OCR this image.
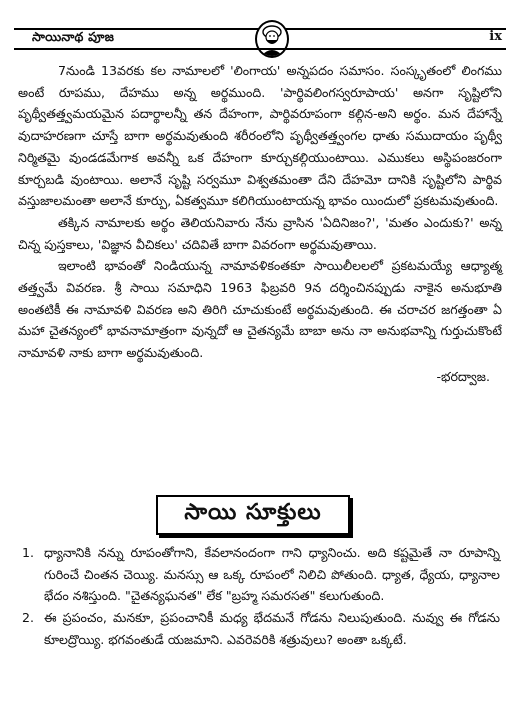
సాయినాథ పూజ	ix

7నుండి 13వరకు కల నామాలలో 'లింగాయ' అన్నపదం సమాసం. సంస్కృతంలో లింగము అంటే రూపము, దేహము అన్న అర్థముంది. 'పార్థివలింగస్వరూపాయ' అనగా సృష్టిలోని పృథ్వీతత్త్వమయమైన పదార్థాలన్నీ తన దేహంగా, పార్థివరూపంగా కల్గిన-అని అర్థం. మన దేహాన్నే వుదాహరణగా చూస్తే బాగా అర్థమవుతుంది శరీరంలోని పృథ్వీతత్త్వంగల ధాతు సముదాయం పృథ్వీ నిర్మితమై వుండడమేగాక అవన్నీ ఒక దేహంగా కూర్చుకల్గియుంటాయి. ఎముకలు అస్థిపంజరంగా కూర్చబడి వుంటాయి. అలానే సృష్టి సర్వమూ విశ్వతమంతా దేని దేహమో దానికి సృష్టిలోని పార్థివ వస్తుజాలమంతా అలానే కూర్పు, ఏకత్వమూ కలిగియుంటాయన్న భావం యిందులో ప్రకటమవుతుంది.

తక్కిన నామాలకు అర్థం తెలియనివారు నేను వ్రాసిన 'ఏదినిజం?', 'మతం ఎందుకు?' అన్న చిన్న పుస్తకాలు, 'విజ్ఞాన వీచికలు' చదివితే బాగా వివరంగా అర్థమవుతాయి.

ఇలాంటి భావంతో నిండియున్న నామావళికంతకూ సాయిలీలలలో ప్రకటమయ్యే ఆధ్యాత్మ తత్త్వమే వివరణ. శ్రీ సాయి సమాధిని 1963 ఫిబ్రవరి 9న దర్శించినప్పుడు నాకైన అనుభూతి అంతటికీ ఈ నామావళి వివరణ అని తిరిగి చూచుకుంటే అర్థమవుతుంది. ఈ చరాచర జగత్తంతా ఏ మహా చైతన్యంలో భావనామాత్రంగా వున్నదో ఆ చైతన్యమే బాబా అను నా అనుభవాన్ని గుర్తుచుకొంటే నామావళి నాకు బాగా అర్థమవుతుంది.

-భరద్వాజ.

సాయి సూక్తులు
1. ధ్యానానికి నన్ను రూపంతోగాని, కేవలానందంగా గాని ధ్యానించు. అది కష్టమైతే నా రూపాన్ని గురించే చింతన చెయ్యి. మనస్సు ఆ ఒక్క రూపంలో నిలిచి పోతుంది. ధ్యాత, ధ్యేయ, ధ్యానాల భేదం నశిస్తుంది. "చైతన్యఘనత" లేక "బ్రహ్మ సమరసత" కలుగుతుంది.
2. ఈ ప్రపంచం, మనకూ, ప్రపంచానికీ మధ్య భేదమనే గోడను నిలుపుతుంది. నువ్వు ఈ గోడను కూలద్రొయ్యి. భగవంతుడే యజమాని. ఎవరెవరికి శత్రువులు? అంతా ఒక్కటే.
